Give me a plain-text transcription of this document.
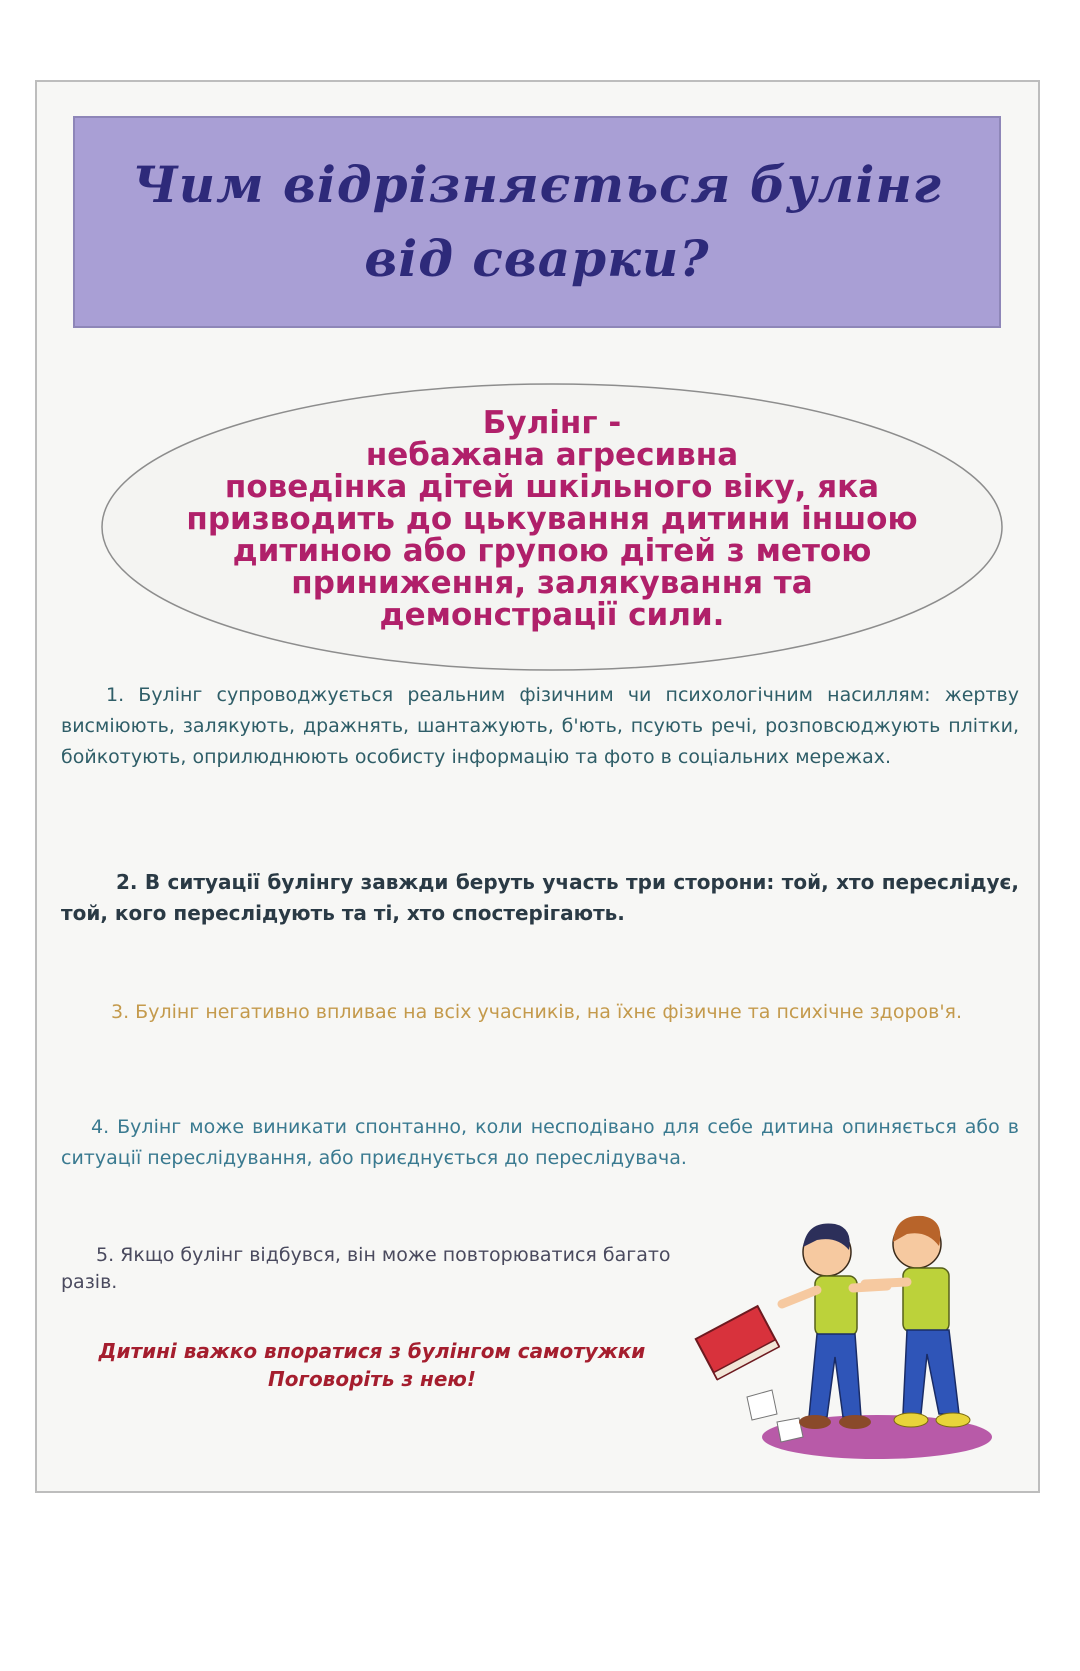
Чим відрізняється булінг
від сварки?
Булінг -
небажана агресивна
поведінка дітей шкільного віку, яка
призводить до цькування дитини іншою
дитиною або групою дітей з метою
приниження, залякування та
демонстрації сили.
1. Булінг супроводжується реальним фізичним чи психологічним насиллям: жертву висміюють, залякують, дражнять, шантажують, б'ють, псують речі, розповсюджують плітки, бойкотують, оприлюднюють особисту інформацію та фото в соціальних мережах.
2. В ситуації булінгу завжди беруть участь три сторони: той, хто переслідує, той, кого переслідують та ті, хто спостерігають.
3. Булінг негативно впливає на всіх учасників, на їхнє фізичне та психічне здоров'я.
4. Булінг може виникати спонтанно, коли несподівано для себе дитина опиняється або в ситуації переслідування, або приєднується до переслідувача.
5. Якщо булінг відбувся, він може повторюватися багато разів.
Дитині важко впоратися з булінгом самотужки
Поговоріть з нею!
